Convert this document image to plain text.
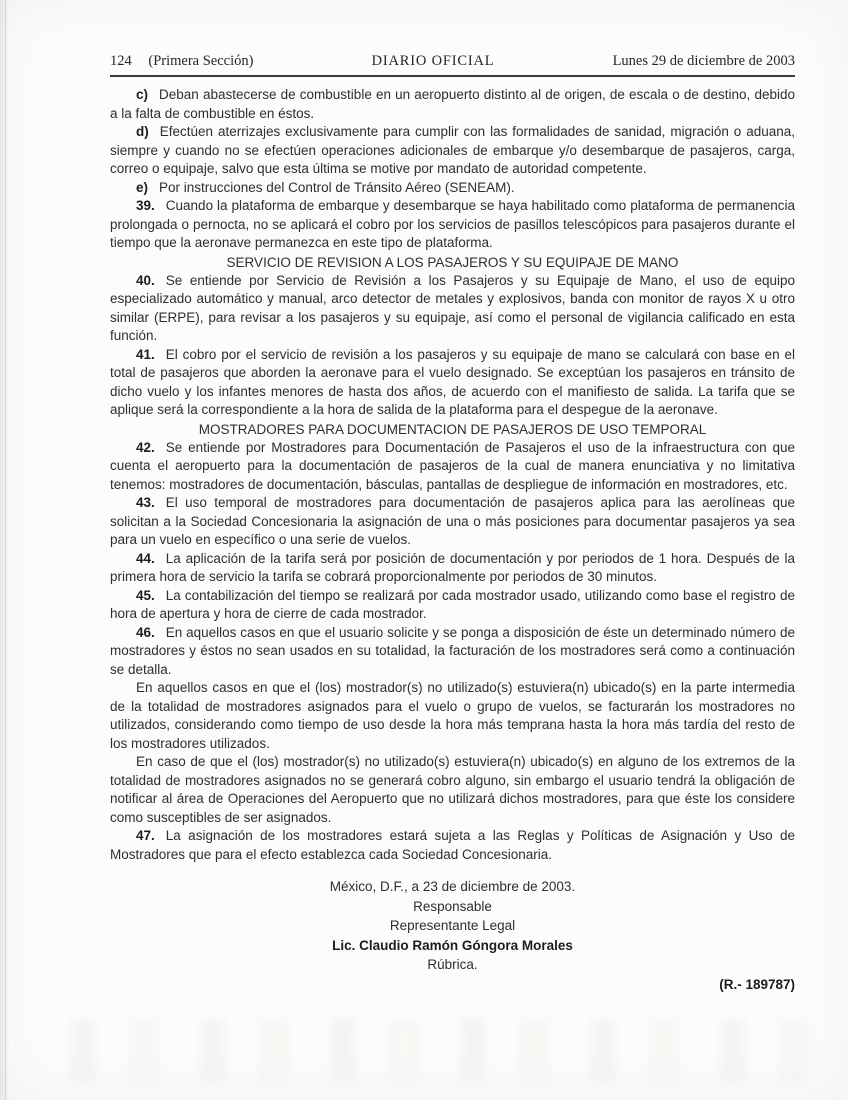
124 (Primera Sección)	DIARIO OFICIAL	Lunes 29 de diciembre de 2003

c) Deban abastecerse de combustible en un aeropuerto distinto al de origen, de escala o de destino, debido a la falta de combustible en éstos.

d) Efectúen aterrizajes exclusivamente para cumplir con las formalidades de sanidad, migración o aduana, siempre y cuando no se efectúen operaciones adicionales de embarque y/o desembarque de pasajeros, carga, correo o equipaje, salvo que esta última se motive por mandato de autoridad competente.

e) Por instrucciones del Control de Tránsito Aéreo (SENEAM).

39. Cuando la plataforma de embarque y desembarque se haya habilitado como plataforma de permanencia prolongada o pernocta, no se aplicará el cobro por los servicios de pasillos telescópicos para pasajeros durante el tiempo que la aeronave permanezca en este tipo de plataforma.

SERVICIO DE REVISION A LOS PASAJEROS Y SU EQUIPAJE DE MANO

40. Se entiende por Servicio de Revisión a los Pasajeros y su Equipaje de Mano, el uso de equipo especializado automático y manual, arco detector de metales y explosivos, banda con monitor de rayos X u otro similar (ERPE), para revisar a los pasajeros y su equipaje, así como el personal de vigilancia calificado en esta función.

41. El cobro por el servicio de revisión a los pasajeros y su equipaje de mano se calculará con base en el total de pasajeros que aborden la aeronave para el vuelo designado. Se exceptúan los pasajeros en tránsito de dicho vuelo y los infantes menores de hasta dos años, de acuerdo con el manifiesto de salida. La tarifa que se aplique será la correspondiente a la hora de salida de la plataforma para el despegue de la aeronave.

MOSTRADORES PARA DOCUMENTACION DE PASAJEROS DE USO TEMPORAL

42. Se entiende por Mostradores para Documentación de Pasajeros el uso de la infraestructura con que cuenta el aeropuerto para la documentación de pasajeros de la cual de manera enunciativa y no limitativa tenemos: mostradores de documentación, básculas, pantallas de despliegue de información en mostradores, etc.

43. El uso temporal de mostradores para documentación de pasajeros aplica para las aerolíneas que solicitan a la Sociedad Concesionaria la asignación de una o más posiciones para documentar pasajeros ya sea para un vuelo en específico o una serie de vuelos.

44. La aplicación de la tarifa será por posición de documentación y por periodos de 1 hora. Después de la primera hora de servicio la tarifa se cobrará proporcionalmente por periodos de 30 minutos.

45. La contabilización del tiempo se realizará por cada mostrador usado, utilizando como base el registro de hora de apertura y hora de cierre de cada mostrador.

46. En aquellos casos en que el usuario solicite y se ponga a disposición de éste un determinado número de mostradores y éstos no sean usados en su totalidad, la facturación de los mostradores será como a continuación se detalla.

En aquellos casos en que el (los) mostrador(s) no utilizado(s) estuviera(n) ubicado(s) en la parte intermedia de la totalidad de mostradores asignados para el vuelo o grupo de vuelos, se facturarán los mostradores no utilizados, considerando como tiempo de uso desde la hora más temprana hasta la hora más tardía del resto de los mostradores utilizados.

En caso de que el (los) mostrador(s) no utilizado(s) estuviera(n) ubicado(s) en alguno de los extremos de la totalidad de mostradores asignados no se generará cobro alguno, sin embargo el usuario tendrá la obligación de notificar al área de Operaciones del Aeropuerto que no utilizará dichos mostradores, para que éste los considere como susceptibles de ser asignados.

47. La asignación de los mostradores estará sujeta a las Reglas y Políticas de Asignación y Uso de Mostradores que para el efecto establezca cada Sociedad Concesionaria.

México, D.F., a 23 de diciembre de 2003.

Responsable

Representante Legal

Lic. Claudio Ramón Góngora Morales

Rúbrica.

(R.- 189787)
